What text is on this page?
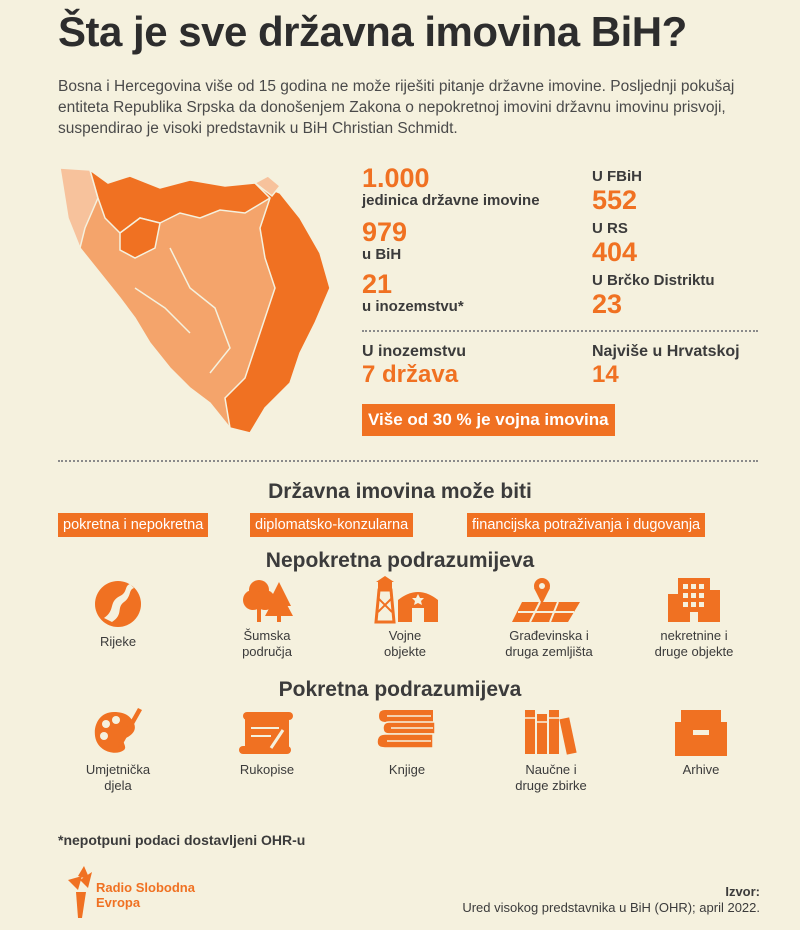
Šta je sve državna imovina BiH?
Bosna i Hercegovina više od 15 godina ne može riješiti pitanje državne imovine. Posljednji pokušaj entiteta Republika Srpska da donošenjem Zakona o nepokretnoj imovini državnu imovinu prisvoji, suspendirao je visoki predstavnik u BiH Christian Schmidt.
1.000
jedinica državne imovine
979
u BiH
21
u inozemstvu*
U FBiH
552
U RS
404
U Brčko Distriktu
23
U inozemstvu
7 država
Najviše u Hrvatskoj
14
Više od 30 % je vojna imovina
Državna imovina može biti
pokretna i nepokretna	diplomatsko-konzularna	financijska potraživanja i dugovanja
Nepokretna podrazumijeva
Rijeke	Šumska
područja
Vojne
objekte
Građevinska i
druga zemljišta
nekretnine i
druge objekte
Pokretna podrazumijeva
Umjetnička
djela
Rukopise	Knjige	Naučne i
druge zbirke
Arhive
*nepotpuni podaci dostavljeni OHR-u
Radio Slobodna
Evropa
Izvor:
Ured visokog predstavnika u BiH (OHR); april 2022.
